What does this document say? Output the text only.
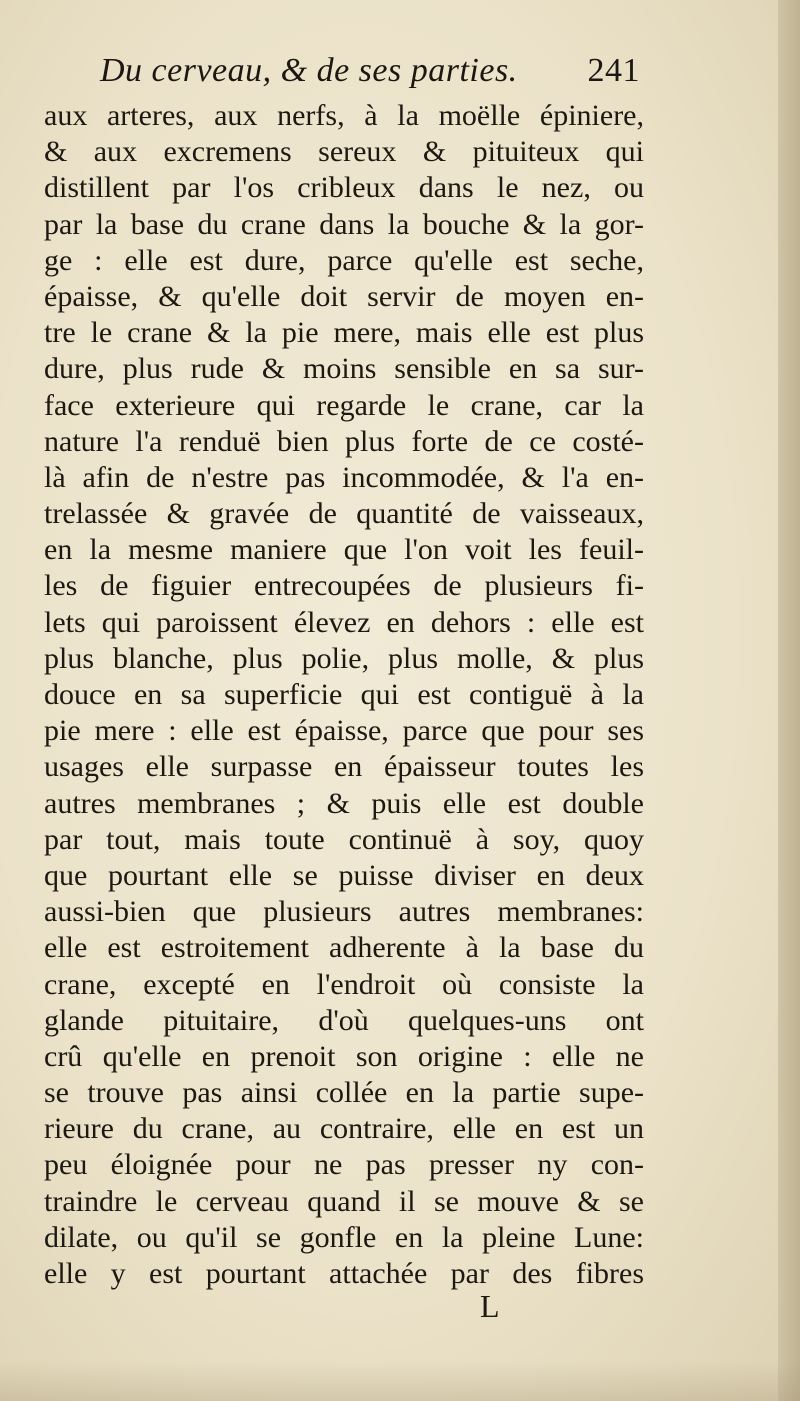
Du cerveau, & de ses parties. 241
aux arteres, aux nerfs, à la moëlle épiniere,
& aux excremens sereux & pituiteux qui
distillent par l'os cribleux dans le nez, ou
par la base du crane dans la bouche & la gor-
ge : elle est dure, parce qu'elle est seche,
épaisse, & qu'elle doit servir de moyen en-
tre le crane & la pie mere, mais elle est plus
dure, plus rude & moins sensible en sa sur-
face exterieure qui regarde le crane, car la
nature l'a renduë bien plus forte de ce costé-
là afin de n'estre pas incommodée, & l'a en-
trelassée & gravée de quantité de vaisseaux,
en la mesme maniere que l'on voit les feuil-
les de figuier entrecoupées de plusieurs fi-
lets qui paroissent élevez en dehors : elle est
plus blanche, plus polie, plus molle, & plus
douce en sa superficie qui est contiguë à la
pie mere : elle est épaisse, parce que pour ses
usages elle surpasse en épaisseur toutes les
autres membranes ; & puis elle est double
par tout, mais toute continuë à soy, quoy
que pourtant elle se puisse diviser en deux
aussi-bien que plusieurs autres membranes:
elle est estroitement adherente à la base du
crane, excepté en l'endroit où consiste la
glande pituitaire, d'où quelques-uns ont
crû qu'elle en prenoit son origine : elle ne
se trouve pas ainsi collée en la partie supe-
rieure du crane, au contraire, elle en est un
peu éloignée pour ne pas presser ny con-
traindre le cerveau quand il se mouve & se
dilate, ou qu'il se gonfle en la pleine Lune:
elle y est pourtant attachée par des fibres
L
